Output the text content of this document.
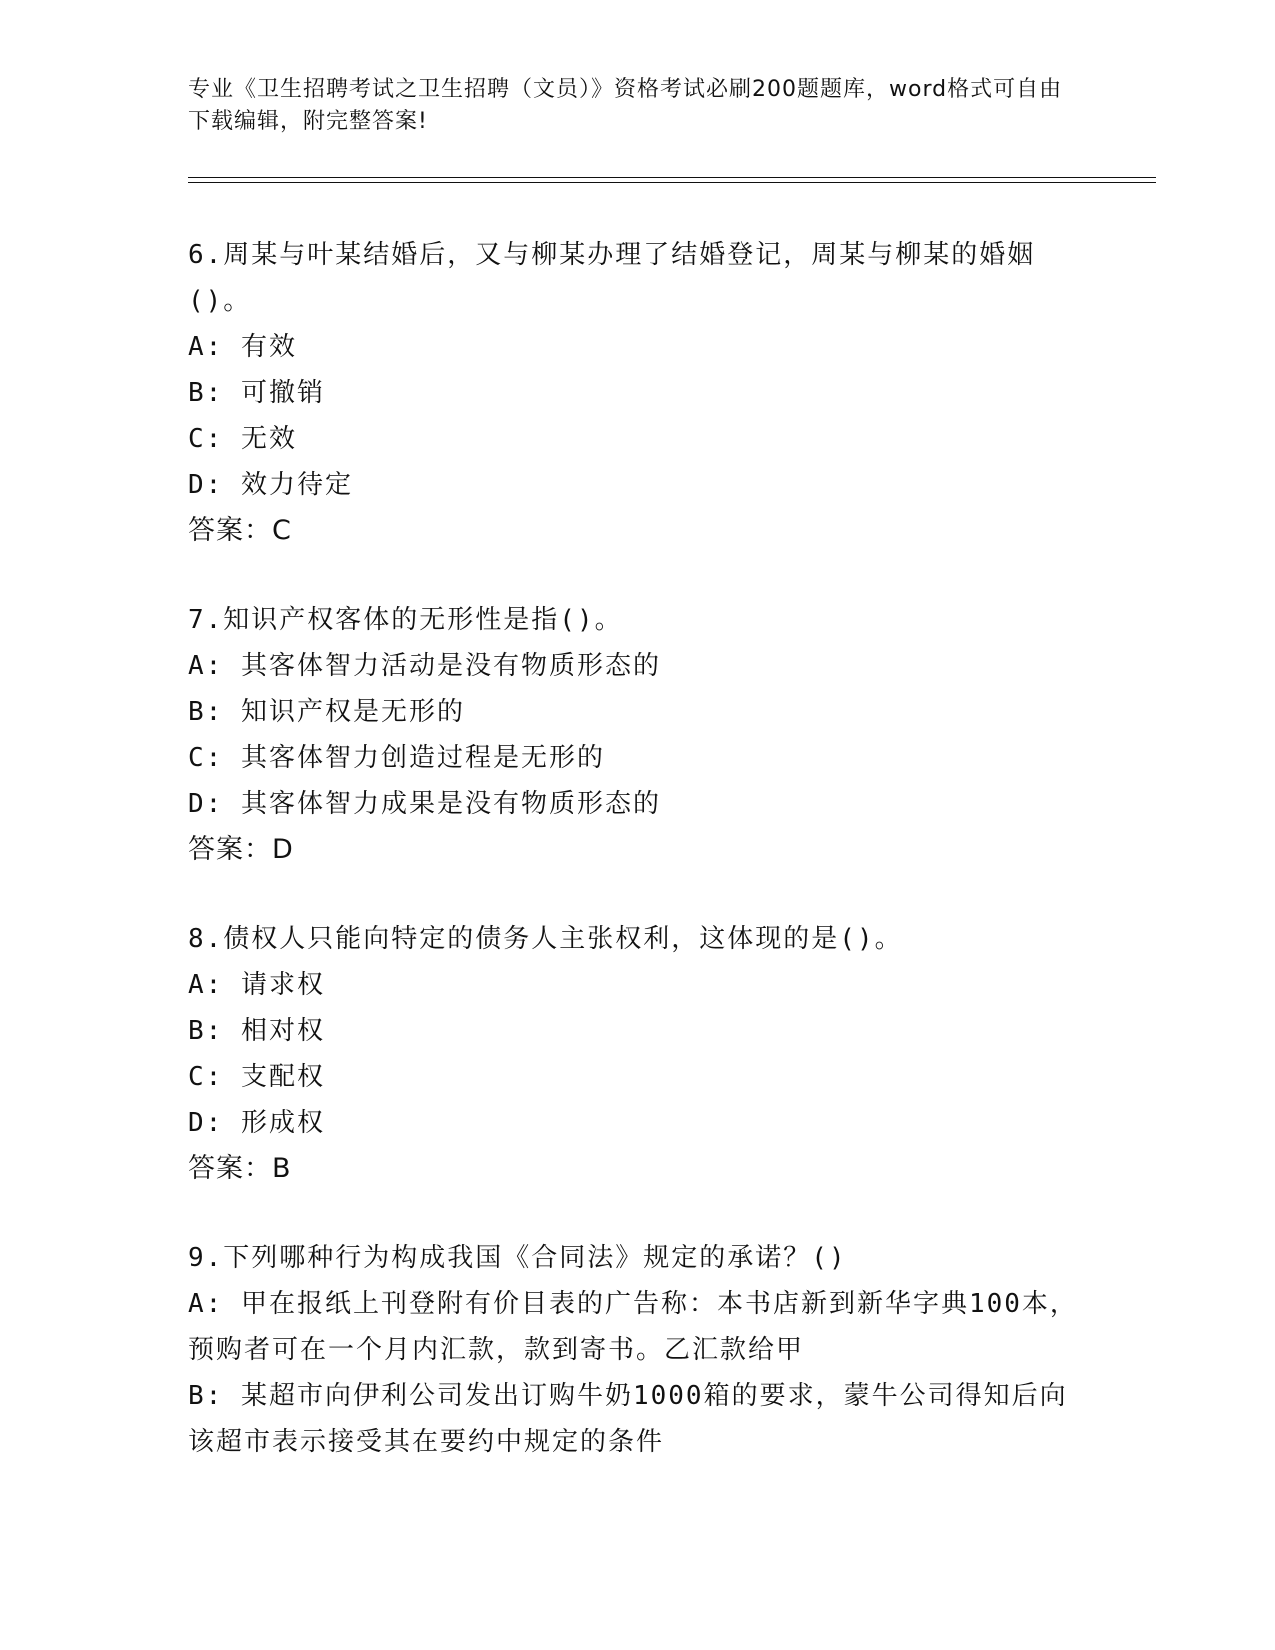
专业《卫生招聘考试之卫生招聘（文员）》资格考试必刷200题题库，word格式可自由下载编辑，附完整答案!

6.周某与叶某结婚后，又与柳某办理了结婚登记，周某与柳某的婚姻()。

A: 有效

B: 可撤销

C: 无效

D: 效力待定

答案：C

7.知识产权客体的无形性是指()。

A: 其客体智力活动是没有物质形态的

B: 知识产权是无形的

C: 其客体智力创造过程是无形的

D: 其客体智力成果是没有物质形态的

答案：D

8.债权人只能向特定的债务人主张权利，这体现的是()。

A: 请求权

B: 相对权

C: 支配权

D: 形成权

答案：B

9.下列哪种行为构成我国《合同法》规定的承诺？()

A: 甲在报纸上刊登附有价目表的广告称：本书店新到新华字典100本，预购者可在一个月内汇款，款到寄书。乙汇款给甲

B: 某超市向伊利公司发出订购牛奶1000箱的要求，蒙牛公司得知后向该超市表示接受其在要约中规定的条件
